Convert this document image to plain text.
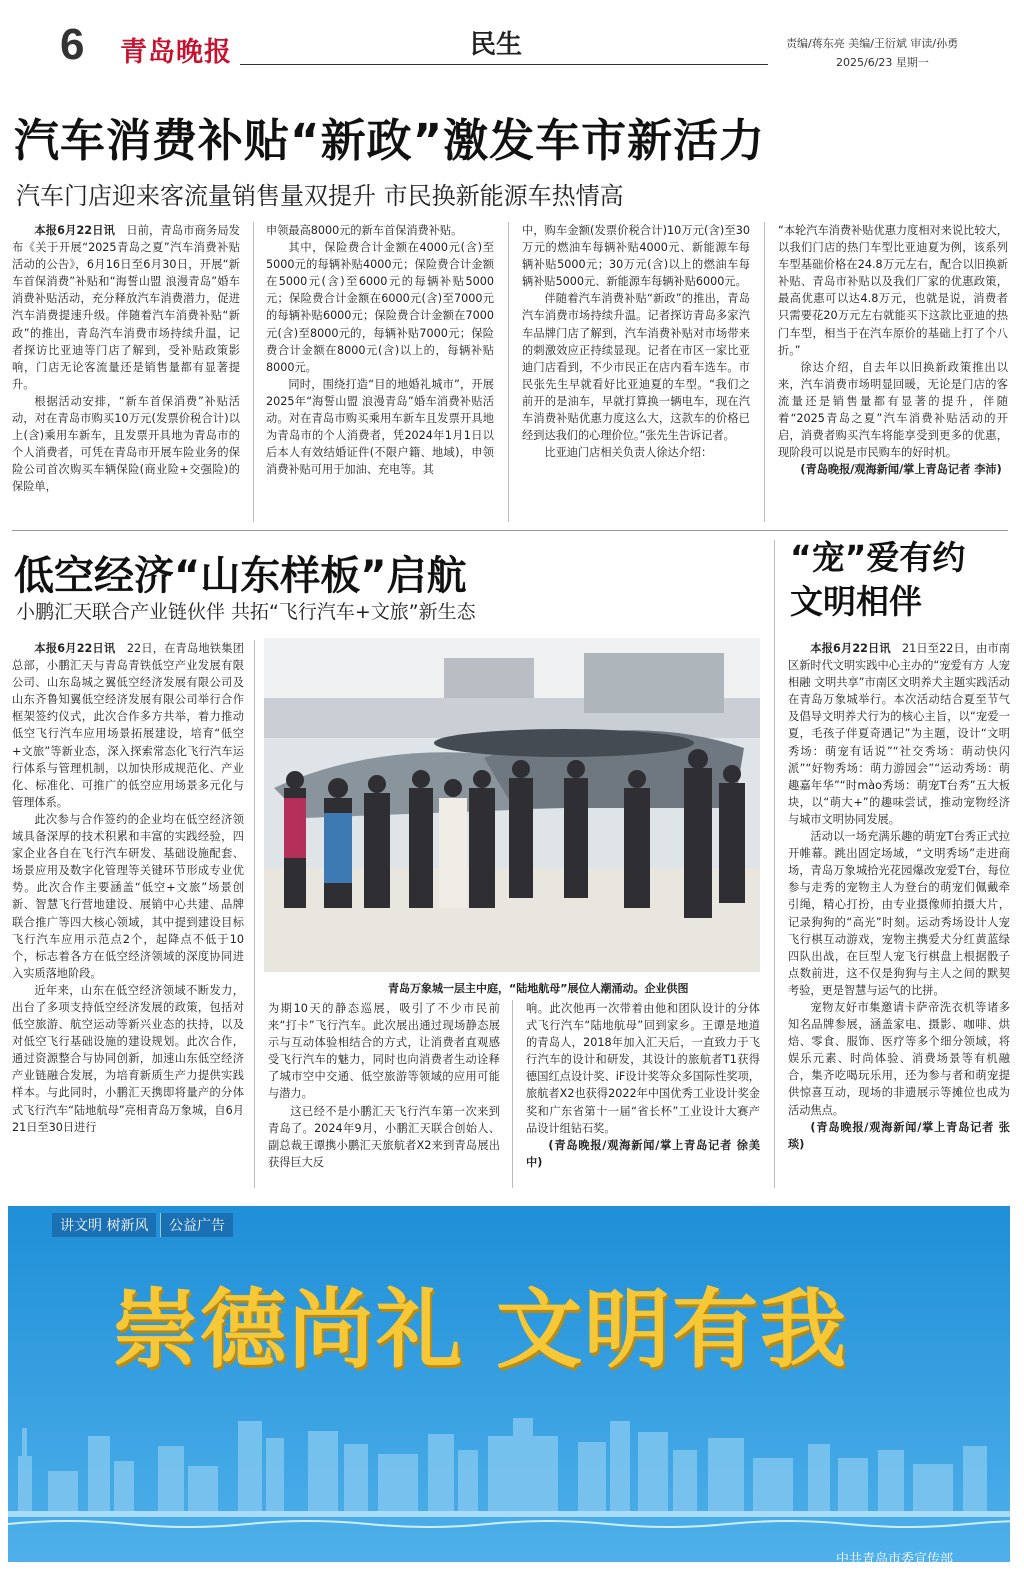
6 青岛晚报	民生	责编/蒋东亮 美编/王衍斌 审读/孙勇
2025/6/23 星期一
汽车消费补贴“新政”激发车市新活力
汽车门店迎来客流量销售量双提升 市民换新能源车热情高

本报6月22日讯　 日前，青岛市商务局发布《关于开展“2025青岛之夏”汽车消费补贴活动的公告》，6月16日至6月30日，开展“新车首保消费”补贴和“海誓山盟 浪漫青岛”婚车消费补贴活动，充分释放汽车消费潜力，促进汽车消费提速升级。伴随着汽车消费补贴“新政”的推出，青岛汽车消费市场持续升温，记者探访比亚迪等门店了解到，受补贴政策影响，门店无论客流量还是销售量都有显著提升。

根据活动安排，“新车首保消费”补贴活动，对在青岛市购买10万元(发票价税合计)以上(含)乘用车新车，且发票开具地为青岛市的个人消费者，可凭在青岛市开展车险业务的保险公司首次购买车辆保险(商业险+交强险)的保险单，

申领最高8000元的新车首保消费补贴。

其中，保险费合计金额在4000元(含)至5000元的每辆补贴4000元；保险费合计金额在5000元(含)至6000元的每辆补贴5000元；保险费合计金额在6000元(含)至7000元的每辆补贴6000元；保险费合计金额在7000元(含)至8000元的，每辆补贴7000元；保险费合计金额在8000元(含)以上的，每辆补贴8000元。

同时，围绕打造“目的地婚礼城市”，开展2025年“海誓山盟 浪漫青岛”婚车消费补贴活动。对在青岛市购买乘用车新车且发票开具地为青岛市的个人消费者，凭2024年1月1日以后本人有效结婚证件(不限户籍、地域)，申领消费补贴可用于加油、充电等。其

中，购车金额(发票价税合计)10万元(含)至30万元的燃油车每辆补贴4000元、新能源车每辆补贴5000元；30万元(含)以上的燃油车每辆补贴5000元、新能源车每辆补贴6000元。

伴随着汽车消费补贴“新政”的推出，青岛汽车消费市场持续升温。记者探访青岛多家汽车品牌门店了解到，汽车消费补贴对市场带来的刺激效应正持续显现。记者在市区一家比亚迪门店看到，不少市民正在店内看车选车。市民张先生早就看好比亚迪夏的车型。“我们之前开的是油车，早就打算换一辆电车，现在汽车消费补贴优惠力度这么大，这款车的价格已经到达我们的心理价位。”张先生告诉记者。

比亚迪门店相关负责人徐达介绍：

“本轮汽车消费补贴优惠力度相对来说比较大，以我们门店的热门车型比亚迪夏为例，该系列车型基础价格在24.8万元左右，配合以旧换新补贴、青岛市补贴以及我们厂家的优惠政策，最高优惠可以达4.8万元，也就是说，消费者只需要花20万元左右就能买下这款比亚迪的热门车型，相当于在汽车原价的基础上打了个八折。”

徐达介绍，自去年以旧换新政策推出以来，汽车消费市场明显回暖，无论是门店的客流量还是销售量都有显著的提升，伴随着“2025青岛之夏”汽车消费补贴活动的开启，消费者购买汽车将能享受到更多的优惠，现阶段可以说是市民购车的好时机。

(青岛晚报/观海新闻/掌上青岛记者 李沛)

低空经济“山东样板”启航
小鹏汇天联合产业链伙伴 共拓“飞行汽车+文旅”新生态

本报6月22日讯　 22日，在青岛地铁集团总部，小鹏汇天与青岛青铁低空产业发展有限公司、山东岛城之翼低空经济发展有限公司及山东齐鲁知翼低空经济发展有限公司举行合作框架签约仪式，此次合作多方共举，着力推动低空飞行汽车应用场景拓展建设，培育“低空+文旅”等新业态，深入探索常态化飞行汽车运行体系与管理机制，以加快形成规范化、产业化、标准化、可推广的低空应用场景多元化与管理体系。

此次参与合作签约的企业均在低空经济领域具备深厚的技术积累和丰富的实践经验，四家企业各自在飞行汽车研发、基础设施配套、场景应用及数字化管理等关键环节形成专业优势。此次合作主要涵盖“低空+文旅”场景创新、智慧飞行营地建设、展销中心共建、品牌联合推广等四大核心领域，其中提到建设目标飞行汽车应用示范点2个，起降点不低于10个，标志着各方在低空经济领域的深度协同进入实质落地阶段。

近年来，山东在低空经济领域不断发力，出台了多项支持低空经济发展的政策，包括对低空旅游、航空运动等新兴业态的扶持，以及对低空飞行基础设施的建设规划。此次合作，通过资源整合与协同创新，加速山东低空经济产业链融合发展，为培育新质生产力提供实践样本。与此同时，小鹏汇天携即将量产的分体式飞行汽车“陆地航母”亮相青岛万象城，自6月21日至30日进行

青岛万象城一层主中庭，“陆地航母”展位人潮涌动。企业供图

为期10天的静态巡展，吸引了不少市民前来“打卡”飞行汽车。此次展出通过现场静态展示与互动体验相结合的方式，让消费者直观感受飞行汽车的魅力，同时也向消费者生动诠释了城市空中交通、低空旅游等领域的应用可能与潜力。

这已经不是小鹏汇天飞行汽车第一次来到青岛了。2024年9月，小鹏汇天联合创始人、副总裁王谭携小鹏汇天旅航者X2来到青岛展出获得巨大反

响。此次他再一次带着由他和团队设计的分体式飞行汽车“陆地航母”回到家乡。王谭是地道的青岛人，2018年加入汇天后，一直致力于飞行汽车的设计和研发，其设计的旅航者T1获得德国红点设计奖、iF设计奖等众多国际性奖项，旅航者X2也获得2022年中国优秀工业设计奖金奖和广东省第十一届“省长杯”工业设计大赛产品设计组钻石奖。

(青岛晚报/观海新闻/掌上青岛记者 徐美中)

“宠”爱有约
文明相伴

本报6月22日讯　 21日至22日，由市南区新时代文明实践中心主办的“宠爱有方 人宠相融 文明共享”市南区文明养犬主题实践活动在青岛万象城举行。本次活动结合夏至节气及倡导文明养犬行为的核心主旨，以“宠爱一夏，毛孩子伴夏奇遇记”为主题，设计“文明秀场：萌宠有话说”“社交秀场：萌动快闪派”“好物秀场：萌力游园会”“运动秀场：萌趣嘉年华”“时mào秀场：萌宠T台秀”五大板块，以“萌大+”的趣味尝试，推动宠物经济与城市文明协同发展。

活动以一场充满乐趣的萌宠T台秀正式拉开帷幕。跳出固定场域，“文明秀场”走进商场，青岛万象城拾光花园爆改宠爱T台，每位参与走秀的宠物主人为登台的萌宠们佩戴牵引绳，精心打扮，由专业摄像师拍摄大片，记录狗狗的“高光”时刻。运动秀场设计人宠飞行棋互动游戏，宠物主携爱犬分红黄蓝绿四队出战，在巨型人宠飞行棋盘上根据骰子点数前进，这不仅是狗狗与主人之间的默契考验，更是智慧与运气的比拼。

宠物友好市集邀请卡萨帝洗衣机等诸多知名品牌参展，涵盖家电、摄影、咖啡、烘焙、零食、服饰、医疗等多个细分领域，将娱乐元素、时尚体验、消费场景等有机融合，集齐吃喝玩乐用，还为参与者和萌宠提供惊喜互动，现场的非遗展示等摊位也成为活动焦点。

(青岛晚报/观海新闻/掌上青岛记者 张琰)

讲文明 树新风	公益广告
崇德尚礼 文明有我
中共青岛市委宣传部
